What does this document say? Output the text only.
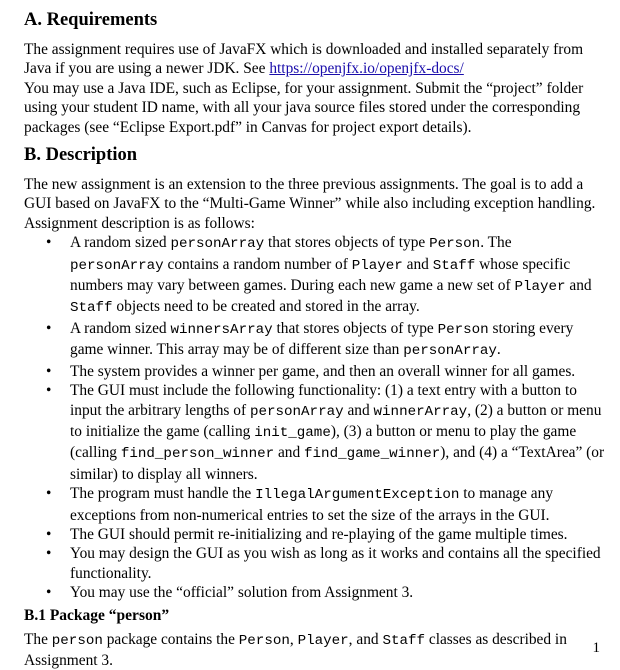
A. Requirements

The assignment requires use of JavaFX which is downloaded and installed separately from Java if you are using a newer JDK. See https://openjfx.io/openjfx-docs/

You may use a Java IDE, such as Eclipse, for your assignment. Submit the “project” folder using your student ID name, with all your java source files stored under the corresponding packages (see “Eclipse Export.pdf” in Canvas for project export details).

B. Description

The new assignment is an extension to the three previous assignments. The goal is to add a GUI based on JavaFX to the “Multi-Game Winner” while also including exception handling. Assignment description is as follows:

• A random sized personArray that stores objects of type Person. The personArray contains a random number of Player and Staff whose specific numbers may vary between games. During each new game a new set of Player and Staff objects need to be created and stored in the array.
• A random sized winnersArray that stores objects of type Person storing every game winner. This array may be of different size than personArray.
• The system provides a winner per game, and then an overall winner for all games.
• The GUI must include the following functionality: (1) a text entry with a button to input the arbitrary lengths of personArray and winnerArray, (2) a button or menu to initialize the game (calling init_game), (3) a button or menu to play the game (calling find_person_winner and find_game_winner), and (4) a “TextArea” (or similar) to display all winners.
• The program must handle the IllegalArgumentException to manage any exceptions from non-numerical entries to set the size of the arrays in the GUI.
• The GUI should permit re-initializing and re-playing of the game multiple times.
• You may design the GUI as you wish as long as it works and contains all the specified functionality.
• You may use the “official” solution from Assignment 3.
B.1 Package “person”

The person package contains the Person, Player, and Staff classes as described in Assignment 3.

1
